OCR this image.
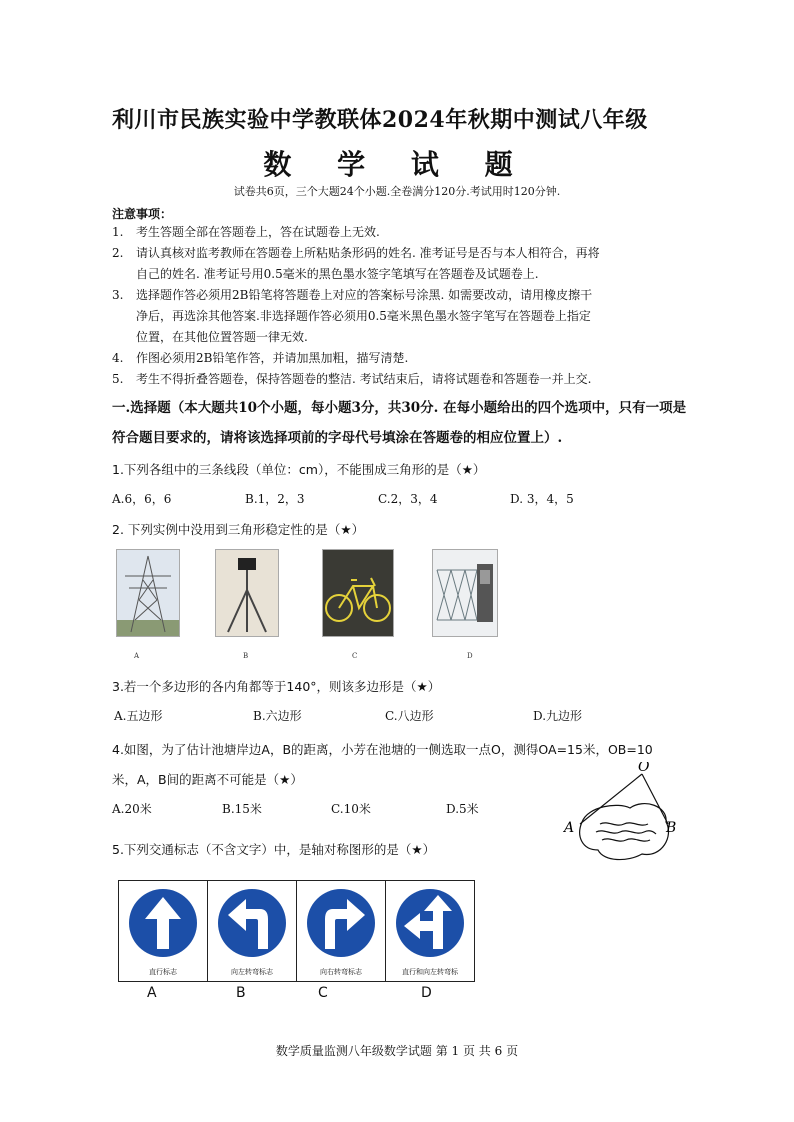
利川市民族实验中学教联体2024年秋期中测试八年级
数 学 试 题
试卷共6页，三个大题24个小题.全卷满分120分.考试用时120分钟.
注意事项：
1. 考生答题全部在答题卷上，答在试题卷上无效.
2. 请认真核对监考教师在答题卷上所粘贴条形码的姓名. 准考证号是否与本人相符合，再将
自己的姓名. 准考证号用0.5毫米的黑色墨水签字笔填写在答题卷及试题卷上.
3. 选择题作答必须用2B铅笔将答题卷上对应的答案标号涂黑. 如需要改动，请用橡皮擦干
净后，再选涂其他答案.非选择题作答必须用0.5毫米黑色墨水签字笔写在答题卷上指定
位置，在其他位置答题一律无效.
4. 作图必须用2B铅笔作答，并请加黑加粗，描写清楚.
5. 考生不得折叠答题卷，保持答题卷的整洁. 考试结束后，请将试题卷和答题卷一并上交.
一.选择题（本大题共10个小题，每小题3分，共30分. 在每小题给出的四个选项中，只有一项是符合题目要求的，请将该选择项前的字母代号填涂在答题卷的相应位置上）.
1.下列各组中的三条线段（单位：cm），不能围成三角形的是（★）
A.6，6，6	B.1，2，3	C.2，3，4	D. 3，4，5
2. 下列实例中没用到三角形稳定性的是（★）
A	B	C	D
3.若一个多边形的各内角都等于140°，则该多边形是（★）
A.五边形	B.六边形	C.八边形	D.九边形
4.如图，为了估计池塘岸边A，B的距离，小芳在池塘的一侧选取一点O，测得OA=15米，OB=10
米，A，B间的距离不可能是（★）
A.20米	B.15米	C.10米	D.5米
O
A	B
5.下列交通标志（不含文字）中，是轴对称图形的是（★）
直行标志	向左转弯标志	向右转弯标志	直行和向左转弯标
A	B	C	D
数学质量监测八年级数学试题 第 1 页 共 6 页
